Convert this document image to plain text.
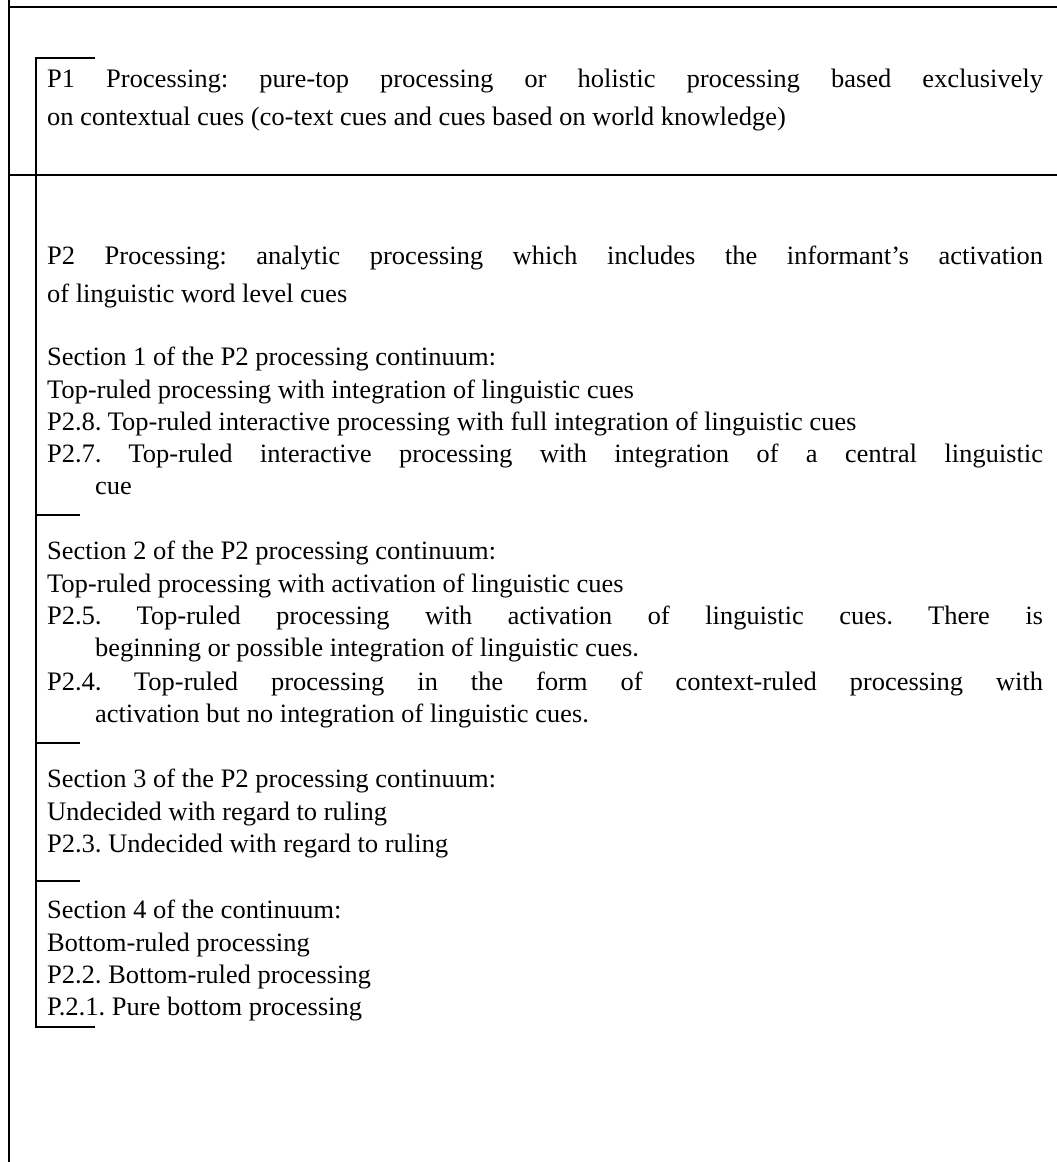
P1 Processing: pure-top processing or holistic processing based exclusively
on contextual cues (co-text cues and cues based on world knowledge)
P2 Processing: analytic processing which includes the informant’s activation
of linguistic word level cues
Section 1 of the P2 processing continuum:
Top-ruled processing with integration of linguistic cues
P2.8. Top-ruled interactive processing with full integration of linguistic cues
P2.7. Top-ruled interactive processing with integration of a central linguistic
cue
Section 2 of the P2 processing continuum:
Top-ruled processing with activation of linguistic cues
P2.5. Top-ruled processing with activation of linguistic cues. There is
beginning or possible integration of linguistic cues.
P2.4. Top-ruled processing in the form of context-ruled processing with
activation but no integration of linguistic cues.
Section 3 of the P2 processing continuum:
Undecided with regard to ruling
P2.3. Undecided with regard to ruling
Section 4 of the continuum:
Bottom-ruled processing
P2.2. Bottom-ruled processing
P.2.1. Pure bottom processing
